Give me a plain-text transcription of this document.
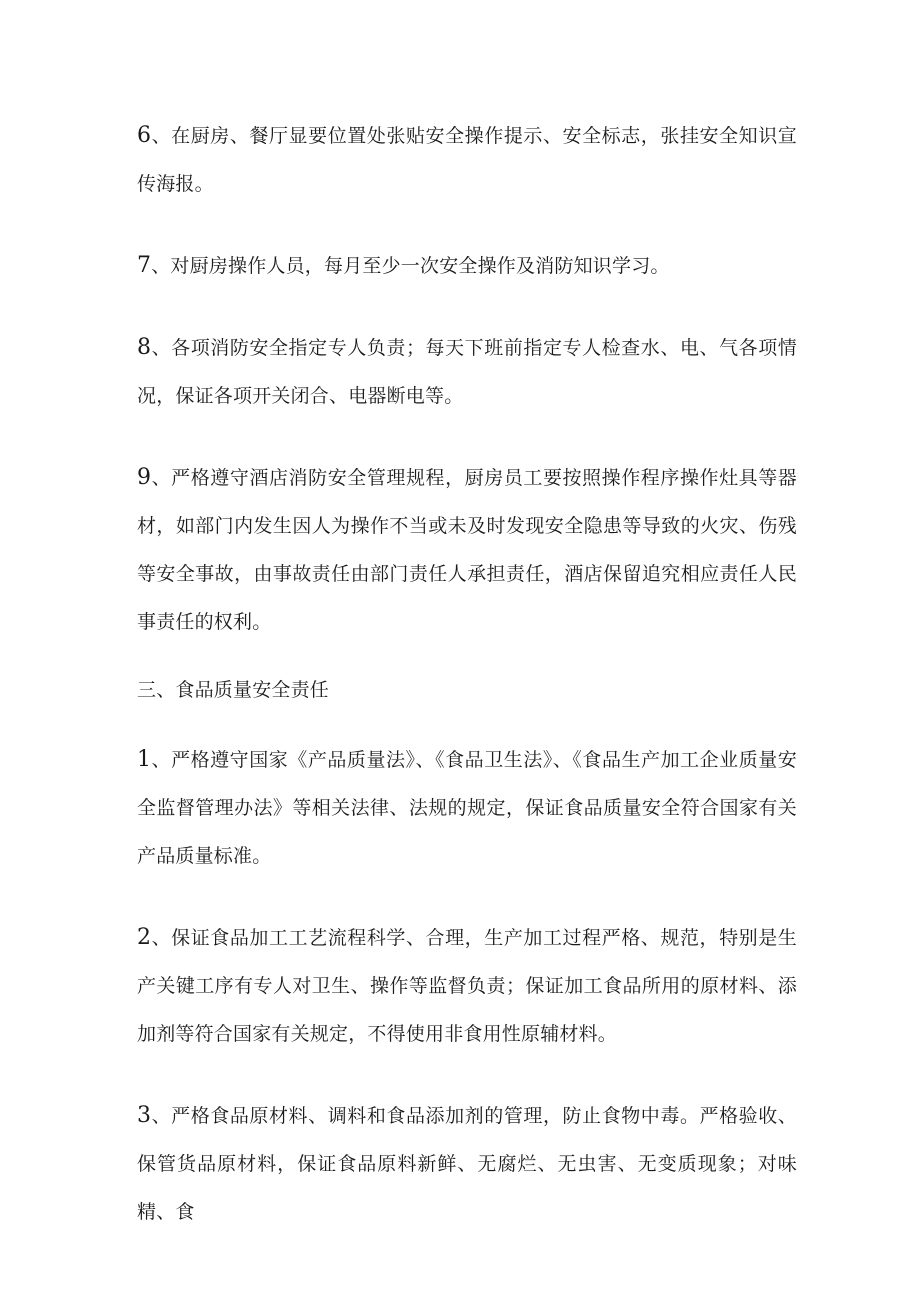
6、在厨房、餐厅显要位置处张贴安全操作提示、安全标志，张挂安全知识宣传海报。

7、对厨房操作人员，每月至少一次安全操作及消防知识学习。

8、各项消防安全指定专人负责；每天下班前指定专人检查水、电、气各项情况，保证各项开关闭合、电器断电等。

9、严格遵守酒店消防安全管理规程，厨房员工要按照操作程序操作灶具等器材，如部门内发生因人为操作不当或未及时发现安全隐患等导致的火灾、伤残等安全事故，由事故责任由部门责任人承担责任，酒店保留追究相应责任人民事责任的权利。

三、食品质量安全责任

1、严格遵守国家《产品质量法》、《食品卫生法》、《食品生产加工企业质量安全监督管理办法》等相关法律、法规的规定，保证食品质量安全符合国家有关产品质量标准。

2、保证食品加工工艺流程科学、合理，生产加工过程严格、规范，特别是生产关键工序有专人对卫生、操作等监督负责；保证加工食品所用的原材料、添加剂等符合国家有关规定，不得使用非食用性原辅材料。

3、严格食品原材料、调料和食品添加剂的管理，防止食物中毒。严格验收、保管货品原材料，保证食品原料新鲜、无腐烂、无虫害、无变质现象；对味精、食
